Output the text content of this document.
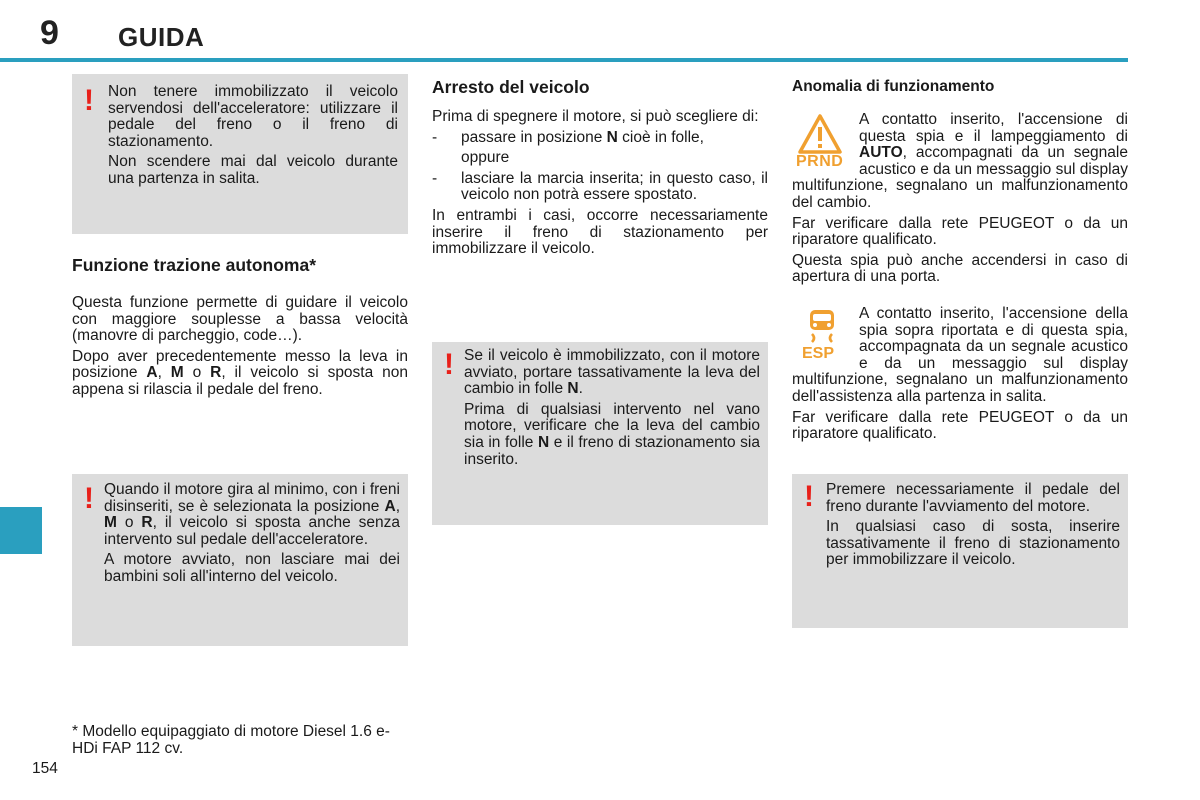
9 GUIDA
! Non tenere immobilizzato il veicolo servendosi dell'acceleratore: utilizzare il pedale del freno o il freno di stazionamento.

Non scendere mai dal veicolo durante una partenza in salita.

Funzione trazione autonoma*

Questa funzione permette di guidare il veicolo con maggiore souplesse a bassa velocità (manovre di parcheggio, code…).

Dopo aver precedentemente messo la leva in posizione A, M o R, il veicolo si sposta non appena si rilascia il pedale del freno.

! Quando il motore gira al minimo, con i freni disinseriti, se è selezionata la posizione A, M o R, il veicolo si sposta anche senza intervento sul pedale dell'acceleratore.

A motore avviato, non lasciare mai dei bambini soli all'interno del veicolo.

* Modello equipaggiato di motore Diesel 1.6 e-HDi FAP 112 cv.
154
Arresto del veicolo

Prima di spegnere il motore, si può scegliere di:

-	passare in posizione N cioè in folle,
oppure
-	lasciare la marcia inserita; in questo caso, il veicolo non potrà essere spostato.

In entrambi i casi, occorre necessariamente inserire il freno di stazionamento per immobilizzare il veicolo.

! Se il veicolo è immobilizzato, con il motore avviato, portare tassativamente la leva del cambio in folle N.

Prima di qualsiasi intervento nel vano motore, verificare che la leva del cambio sia in folle N e il freno di stazionamento sia inserito.

Anomalia di funzionamento
PRND

A contatto inserito, l'accensione di questa spia e il lampeggiamento di AUTO, accompagnati da un segnale acustico e da un messaggio sul display multifunzione, segnalano un malfunzionamento del cambio.

Far verificare dalla rete PEUGEOT o da un riparatore qualificato.

Questa spia può anche accendersi in caso di apertura di una porta.

ESP

A contatto inserito, l'accensione della spia sopra riportata e di questa spia, accompagnata da un segnale acustico e da un messaggio sul display multifunzione, segnalano un malfunzionamento dell'assistenza alla partenza in salita.

Far verificare dalla rete PEUGEOT o da un riparatore qualificato.

! Premere necessariamente il pedale del freno durante l'avviamento del motore.

In qualsiasi caso di sosta, inserire tassativamente il freno di stazionamento per immobilizzare il veicolo.
